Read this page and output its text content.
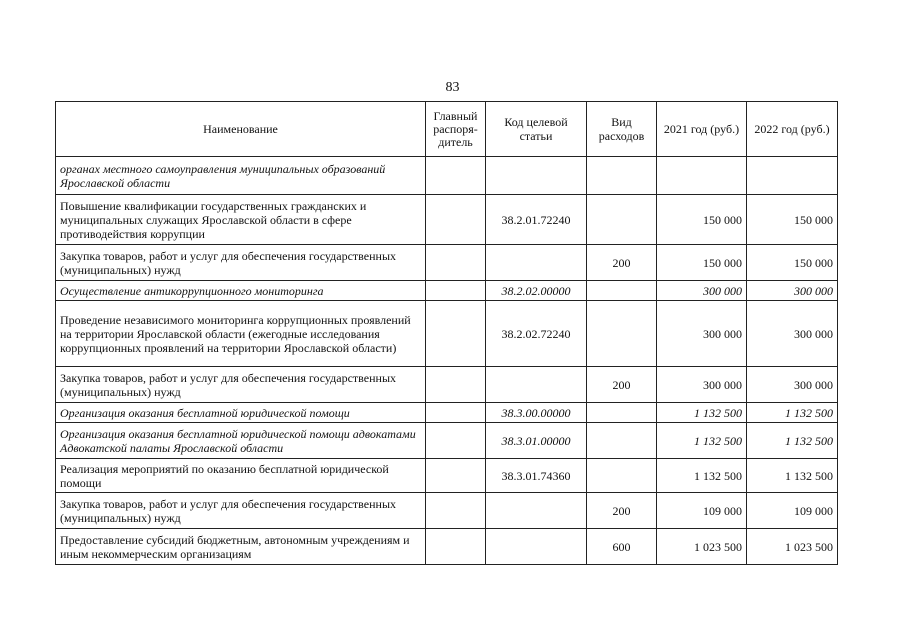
83
Наименование	Главный распоря-дитель	Код целевой статьи	Вид расходов	2021 год (руб.)	2022 год (руб.)
органах местного самоуправления муниципальных образований Ярославской области					
Повышение квалификации государственных гражданских и муниципальных служащих Ярославской области в сфере противодействия коррупции		38.2.01.72240		150 000	150 000
Закупка товаров, работ и услуг для обеспечения государственных (муниципальных) нужд			200	150 000	150 000
Осуществление антикоррупционного мониторинга		38.2.02.00000		300 000	300 000
Проведение независимого мониторинга коррупционных проявлений на территории Ярославской области (ежегодные исследования коррупционных проявлений на территории Ярославской области)		38.2.02.72240		300 000	300 000
Закупка товаров, работ и услуг для обеспечения государственных (муниципальных) нужд			200	300 000	300 000
Организация оказания бесплатной юридической помощи		38.3.00.00000		1 132 500	1 132 500
Организация оказания бесплатной юридической помощи адвокатами Адвокатской палаты Ярославской области		38.3.01.00000		1 132 500	1 132 500
Реализация мероприятий по оказанию бесплатной юридической помощи		38.3.01.74360		1 132 500	1 132 500
Закупка товаров, работ и услуг для обеспечения государственных (муниципальных) нужд			200	109 000	109 000
Предоставление субсидий бюджетным, автономным учреждениям и иным некоммерческим организациям			600	1 023 500	1 023 500
